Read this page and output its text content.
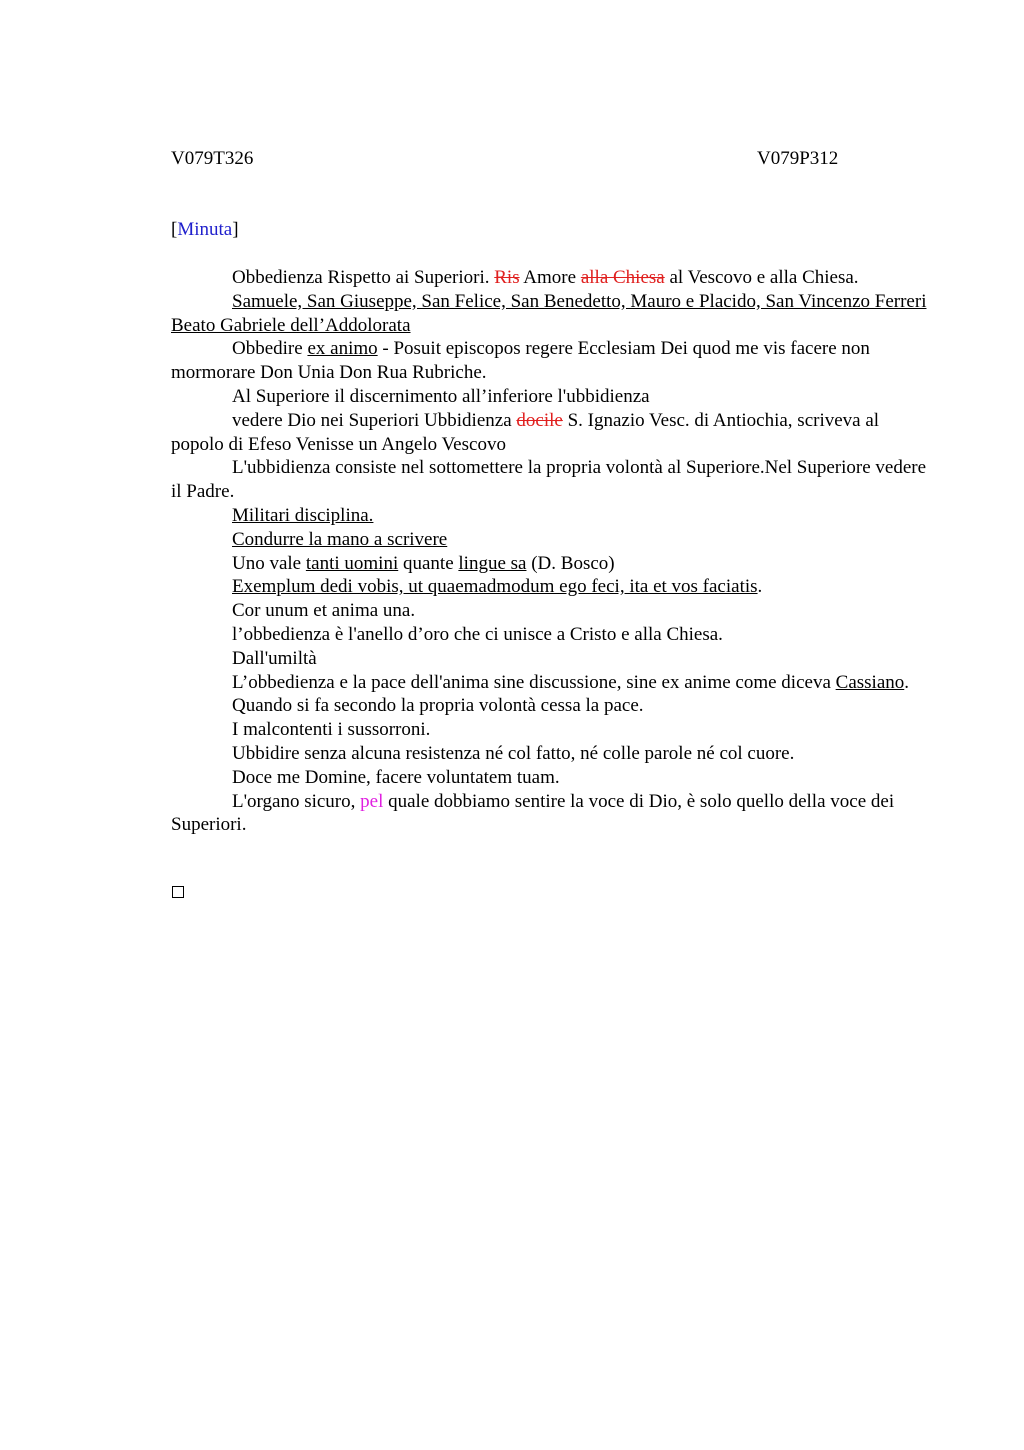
V079T326	V079P312
[Minuta]

Obbedienza Rispetto ai Superiori. Ris Amore alla Chiesa al Vescovo e alla Chiesa.

Samuele, San Giuseppe, San Felice, San Benedetto, Mauro e Placido, San Vincenzo Ferreri Beato Gabriele dell’Addolorata

Obbedire ex animo - Posuit episcopos regere Ecclesiam Dei quod me vis facere non mormorare Don Unia Don Rua Rubriche.

Al Superiore il discernimento all’inferiore l'ubbidienza

vedere Dio nei Superiori Ubbidienza docile S. Ignazio Vesc. di Antiochia, scriveva al popolo di Efeso Venisse un Angelo Vescovo

L'ubbidienza consiste nel sottomettere la propria volontà al Superiore.Nel Superiore vedere il Padre.

Militari disciplina.

Condurre la mano a scrivere

Uno vale tanti uomini quante lingue sa (D. Bosco)

Exemplum dedi vobis, ut quaemadmodum ego feci, ita et vos faciatis.

Cor unum et anima una.

l’obbedienza è l'anello d’oro che ci unisce a Cristo e alla Chiesa.

Dall'umiltà

L’obbedienza e la pace dell'anima sine discussione, sine ex anime come diceva Cassiano.

Quando si fa secondo la propria volontà cessa la pace.

I malcontenti i sussorroni.

Ubbidire senza alcuna resistenza né col fatto, né colle parole né col cuore.

Doce me Domine, facere voluntatem tuam.

L'organo sicuro, pel quale dobbiamo sentire la voce di Dio, è solo quello della voce dei Superiori.
